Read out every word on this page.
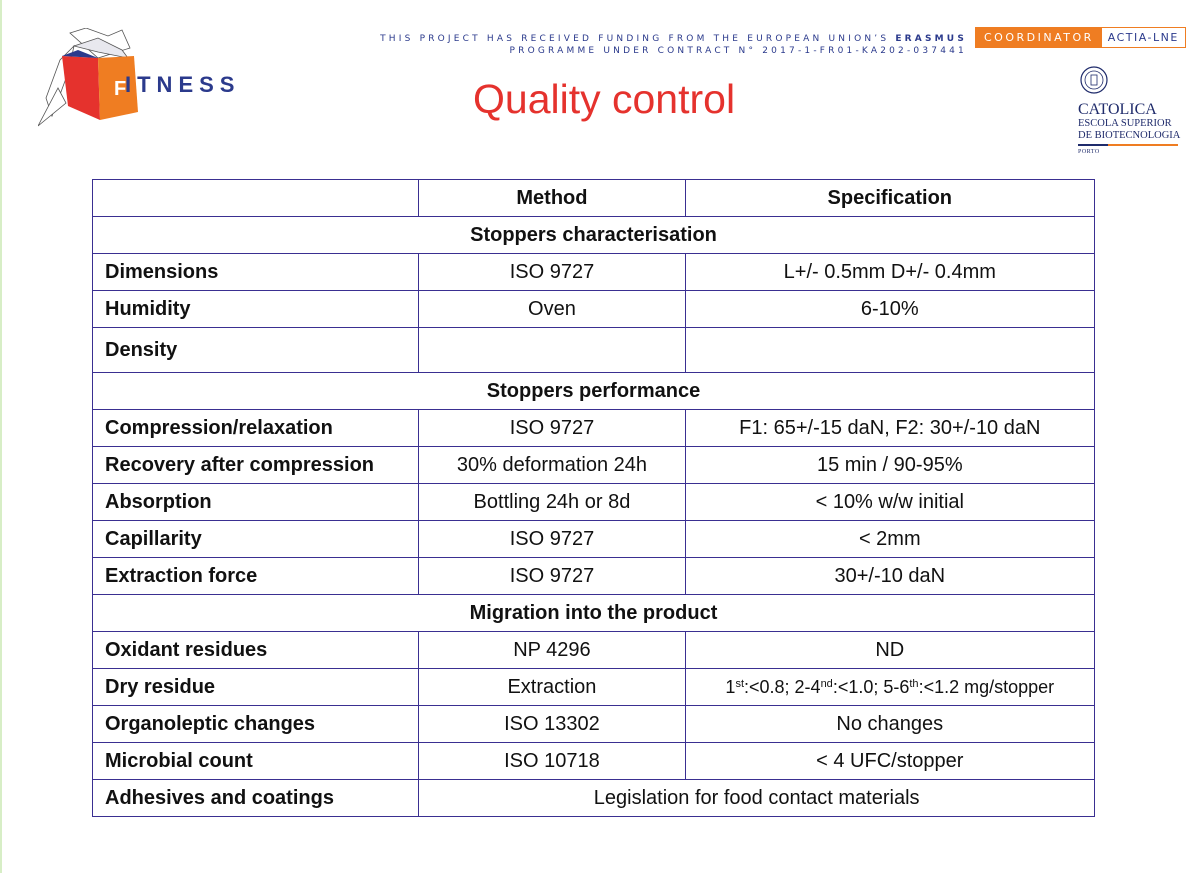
F
ITNESS
THIS PROJECT HAS RECEIVED FUNDING FROM THE EUROPEAN UNION’S ERASMUS
PROGRAMME UNDER CONTRACT N° 2017-1-FR01-KA202-037441
COORDINATOR	ACTIA-LNE
Quality control	CATOLICA
ESCOLA SUPERIOR
DE BIOTECNOLOGIA
PORTO
	Method	Specification
Stoppers characterisation		
Dimensions	ISO 9727	L+/- 0.5mm D+/- 0.4mm
Humidity	Oven	6-10%
Density		
Stoppers performance		
Compression/relaxation	ISO 9727	F1: 65+/-15 daN, F2: 30+/-10 daN
Recovery after compression	30% deformation 24h	15 min / 90-95%
Absorption	Bottling 24h or 8d	< 10% w/w initial
Capillarity	ISO 9727	< 2mm
Extraction force	ISO 9727	30+/-10 daN
Migration into the product		
Oxidant residues	NP 4296	ND
Dry residue	Extraction	1st:<0.8; 2-4nd:<1.0; 5-6th:<1.2 mg/stopper
Organoleptic changes	ISO 13302	No changes
Microbial count	ISO 10718	< 4 UFC/stopper
Adhesives and coatings	Legislation for food contact materials	
